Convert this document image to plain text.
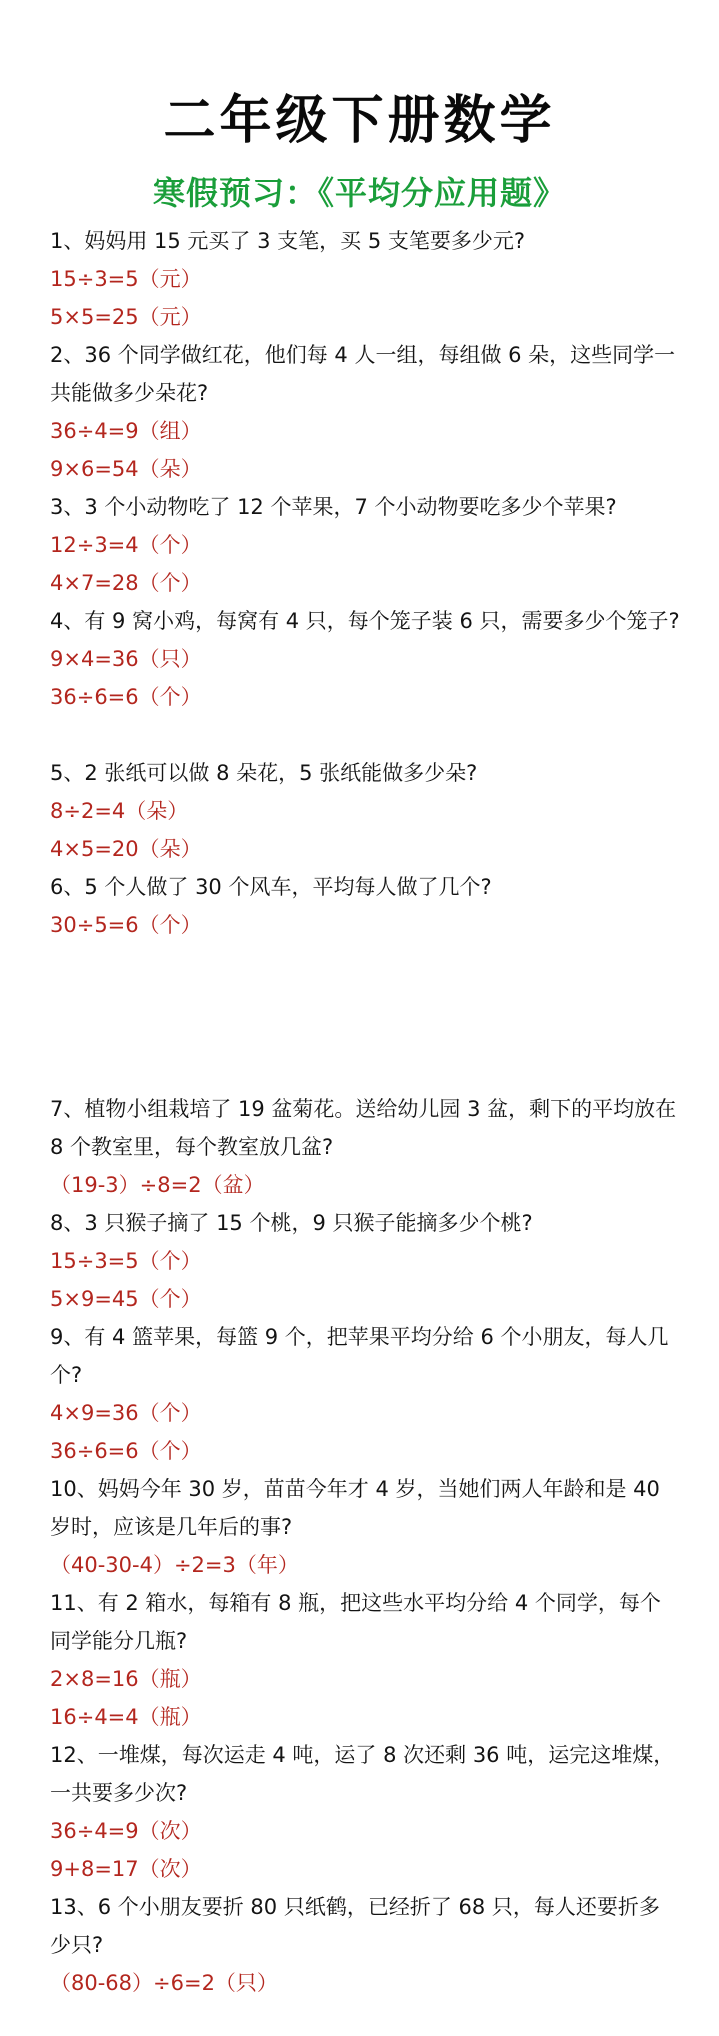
二年级下册数学
寒假预习：《平均分应用题》

1、妈妈用 15 元买了 3 支笔，买 5 支笔要多少元?

15÷3=5（元）

5×5=25（元）

2、36 个同学做红花，他们每 4 人一组，每组做 6 朵，这些同学一共能做多少朵花?

36÷4=9（组）

9×6=54（朵）

3、3 个小动物吃了 12 个苹果，7 个小动物要吃多少个苹果?

12÷3=4（个）

4×7=28（个）

4、有 9 窝小鸡，每窝有 4 只，每个笼子装 6 只，需要多少个笼子?

9×4=36（只）

36÷6=6（个）

5、2 张纸可以做 8 朵花，5 张纸能做多少朵?

8÷2=4（朵）

4×5=20（朵）

6、5 个人做了 30 个风车，平均每人做了几个?

30÷5=6（个）

7、植物小组栽培了 19 盆菊花。送给幼儿园 3 盆，剩下的平均放在 8 个教室里，每个教室放几盆?

（19-3）÷8=2（盆）

8、3 只猴子摘了 15 个桃，9 只猴子能摘多少个桃?

15÷3=5（个）

5×9=45（个）

9、有 4 篮苹果，每篮 9 个，把苹果平均分给 6 个小朋友，每人几个?

4×9=36（个）

36÷6=6（个）

10、妈妈今年 30 岁，苗苗今年才 4 岁，当她们两人年龄和是 40 岁时，应该是几年后的事?

（40-30-4）÷2=3（年）

11、有 2 箱水，每箱有 8 瓶，把这些水平均分给 4 个同学，每个同学能分几瓶?

2×8=16（瓶）

16÷4=4（瓶）

12、一堆煤，每次运走 4 吨，运了 8 次还剩 36 吨，运完这堆煤，一共要多少次?

36÷4=9（次）

9+8=17（次）

13、6 个小朋友要折 80 只纸鹤，已经折了 68 只，每人还要折多少只?

（80-68）÷6=2（只）
